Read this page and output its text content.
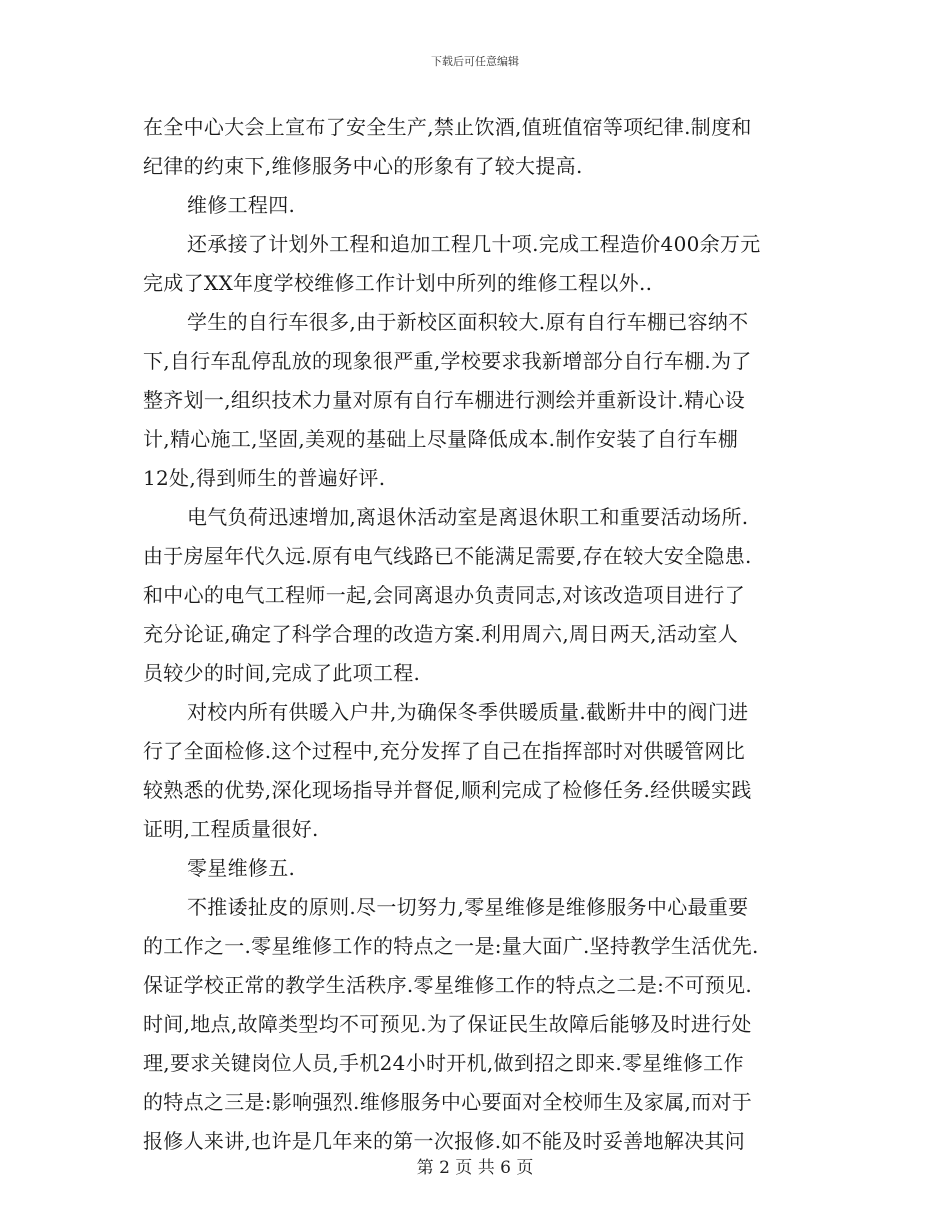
下载后可任意编辑
在全中心大会上宣布了安全生产,禁止饮酒,值班值宿等项纪律.制度和
纪律的约束下,维修服务中心的形象有了较大提高.
维修工程四.
还承接了计划外工程和追加工程几十项.完成工程造价400余万元
完成了XX年度学校维修工作计划中所列的维修工程以外..
学生的自行车很多,由于新校区面积较大.原有自行车棚已容纳不
下,自行车乱停乱放的现象很严重,学校要求我新增部分自行车棚.为了
整齐划一,组织技术力量对原有自行车棚进行测绘并重新设计.精心设
计,精心施工,坚固,美观的基础上尽量降低成本.制作安装了自行车棚
12处,得到师生的普遍好评.
电气负荷迅速增加,离退休活动室是离退休职工和重要活动场所.
由于房屋年代久远.原有电气线路已不能满足需要,存在较大安全隐患.
和中心的电气工程师一起,会同离退办负责同志,对该改造项目进行了
充分论证,确定了科学合理的改造方案.利用周六,周日两天,活动室人
员较少的时间,完成了此项工程.
对校内所有供暖入户井,为确保冬季供暖质量.截断井中的阀门进
行了全面检修.这个过程中,充分发挥了自己在指挥部时对供暖管网比
较熟悉的优势,深化现场指导并督促,顺利完成了检修任务.经供暖实践
证明,工程质量很好.
零星维修五.
不推诿扯皮的原则.尽一切努力,零星维修是维修服务中心最重要
的工作之一.零星维修工作的特点之一是:量大面广.坚持教学生活优先.
保证学校正常的教学生活秩序.零星维修工作的特点之二是:不可预见.
时间,地点,故障类型均不可预见.为了保证民生故障后能够及时进行处
理,要求关键岗位人员,手机24小时开机,做到招之即来.零星维修工作
的特点之三是:影响强烈.维修服务中心要面对全校师生及家属,而对于
报修人来讲,也许是几年来的第一次报修.如不能及时妥善地解决其问
第 2 页 共 6 页
